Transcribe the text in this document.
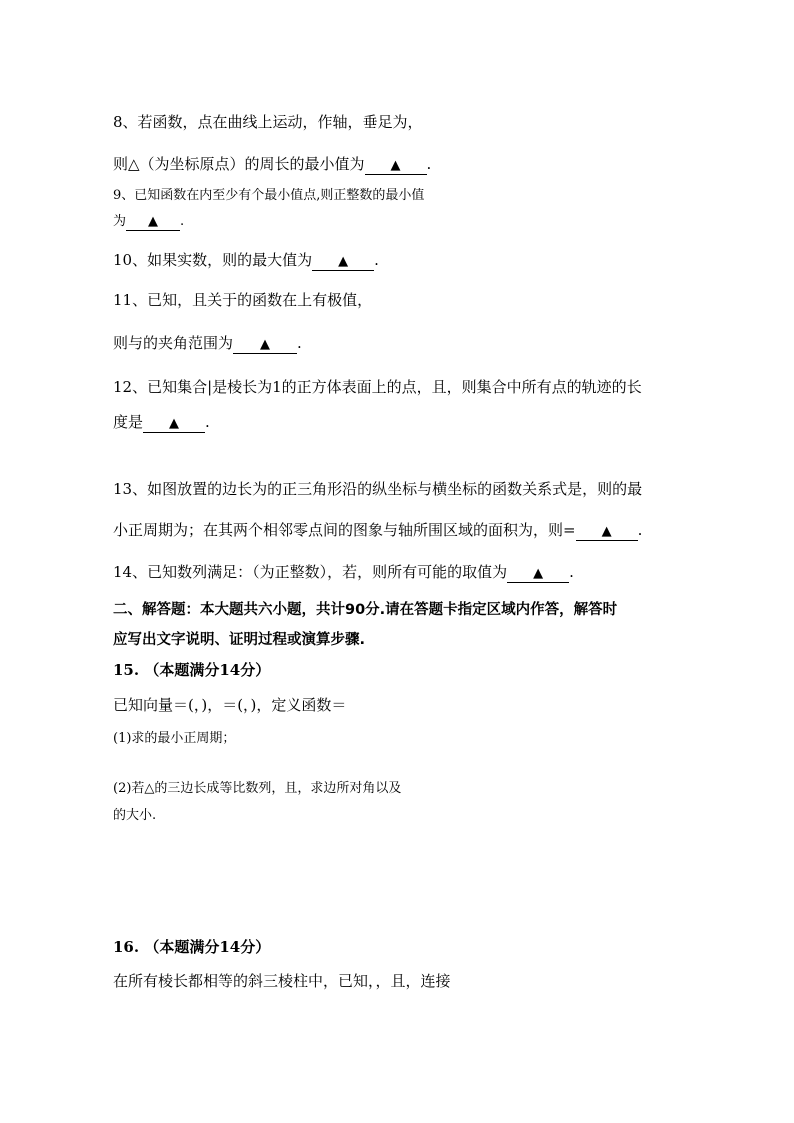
8、若函数，点在曲线上运动，作轴，垂足为，
则△（为坐标原点）的周长的最小值为 ▲ .
9、已知函数在内至少有个最小值点,则正整数的最小值
为 ▲ .
10、如果实数，则的最大值为 ▲ .
11、已知，且关于的函数在上有极值，
则与的夹角范围为 ▲ .
12、已知集合|是棱长为1的正方体表面上的点，且，则集合中所有点的轨迹的长
度是 ▲ .
13、如图放置的边长为的正三角形沿的纵坐标与横坐标的函数关系式是，则的最
小正周期为；在其两个相邻零点间的图象与轴所围区域的面积为，则= ▲ .
14、已知数列满足：（为正整数），若，则所有可能的取值为 ▲ .
二、解答题：本大题共六小题，共计90分.请在答题卡指定区域内作答，解答时
应写出文字说明、证明过程或演算步骤.
15. （本题满分14分）
已知向量＝(，)，＝(，)，定义函数＝
(1)求的最小正周期；
(2)若△的三边长成等比数列，且，求边所对角以及
的大小.
16. （本题满分14分）
在所有棱长都相等的斜三棱柱中，已知，，且，连接
